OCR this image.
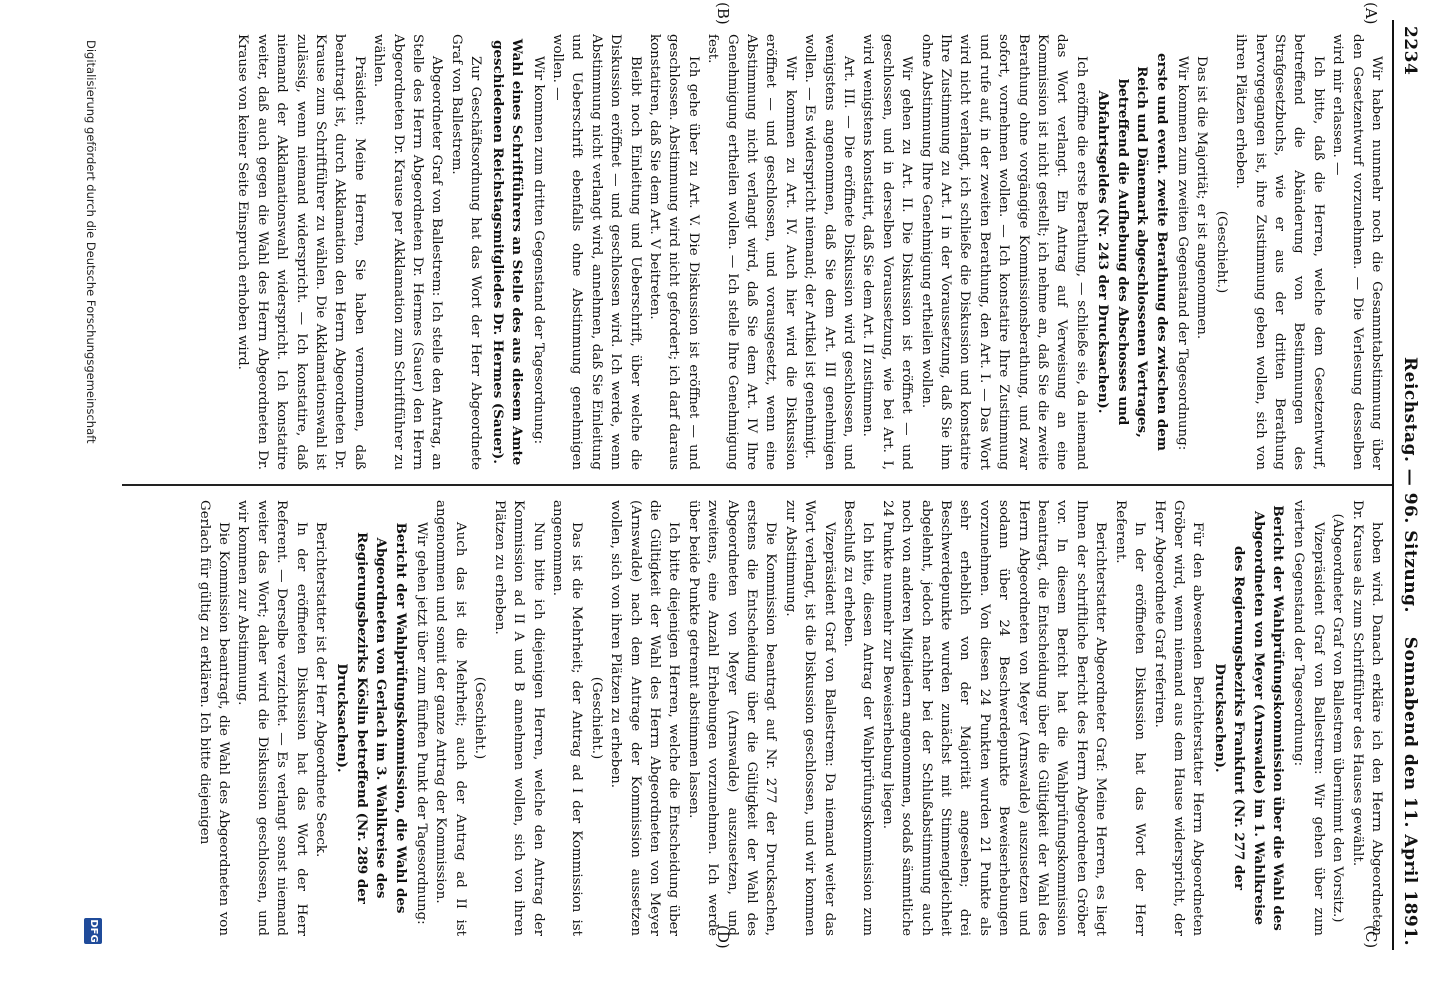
2234
Reichstag. — 96. Sitzung.
Sonnabend den 11. April 1891.
(A)
(B)
(C)
(D)

Wir haben nunmehr noch die Gesammtabstimmung über den Gesetzentwurf vorzunehmen. — Die Verlesung desselben wird mir erlassen. —

Ich bitte, daß die Herren, welche dem Gesetzentwurf, betreffend die Abänderung von Bestimmungen des Strafgesetzbuchs, wie er aus der dritten Berathung hervorgegangen ist, ihre Zustimmung geben wollen, sich von ihren Plätzen erheben.

(Geschieht.)

Das ist die Majorität; er ist angenommen.

Wir kommen zum zweiten Gegenstand der Tagesordnung:

erste und event. zweite Berathung des zwischen dem Reich und Dänemark abgeschlossenen Vertrages, betreffend die Aufhebung des Abschosses und Abfahrtsgeldes (Nr. 243 der Drucksachen).

Ich eröffne die erste Berathung, — schließe sie, da niemand das Wort verlangt. Ein Antrag auf Verweisung an eine Kommission ist nicht gestellt; ich nehme an, daß Sie die zweite Berathung ohne vorgängige Kommissionsberathung, und zwar sofort, vornehmen wollen. — Ich konstatire Ihre Zustimmung und rufe auf, in der zweiten Berathung, den Art. I. — Das Wort wird nicht verlangt, ich schließe die Diskussion und konstatire Ihre Zustimmung zu Art. I in der Voraussetzung, daß Sie ihm ohne Abstimmung Ihre Genehmigung ertheilen wollen.

Wir gehen zu Art. II. Die Diskussion ist eröffnet — und geschlossen, und in derselben Voraussetzung, wie bei Art. I, wird wenigstens konstatirt, daß Sie dem Art. II zustimmen.

Art. III. — Die eröffnete Diskussion wird geschlossen, und wenigstens angenommen, daß Sie dem Art. III genehmigen wollen. — Es widerspricht niemand; der Artikel ist genehmigt.

Wir kommen zu Art. IV. Auch hier wird die Diskussion eröffnet — und geschlossen, und vorausgesetzt, wenn eine Abstimmung nicht verlangt wird, daß Sie dem Art. IV Ihre Genehmigung ertheilen wollen. — Ich stelle Ihre Genehmigung fest.

Ich gehe über zu Art. V. Die Diskussion ist eröffnet — und geschlossen. Abstimmung wird nicht gefordert; ich darf daraus konstatiren, daß Sie dem Art. V beitreten.

Bleibt noch Einleitung und Ueberschrift, über welche die Diskussion eröffnet — und geschlossen wird. Ich werde, wenn Abstimmung nicht verlangt wird, annehmen, daß Sie Einleitung und Ueberschrift ebenfalls ohne Abstimmung genehmigen wollen. —

Wir kommen zum dritten Gegenstand der Tagesordnung:

Wahl eines Schriftführers an Stelle des aus diesem Amte geschiedenen Reichstagsmitgliedes Dr. Hermes (Sauer).

Zur Geschäftsordnung hat das Wort der Herr Abgeordnete Graf von Ballestrem.

Abgeordneter Graf von Ballestrem: Ich stelle den Antrag, an Stelle des Herrn Abgeordneten Dr. Hermes (Sauer) den Herrn Abgeordneten Dr. Krause per Akklamation zum Schriftführer zu wählen.

Präsident: Meine Herren, Sie haben vernommen, daß beantragt ist, durch Akklamation den Herrn Abgeordneten Dr. Krause zum Schriftführer zu wählen. Die Akklamationswahl ist zulässig, wenn niemand widerspricht. — Ich konstatire, daß niemand der Akklamationswahl widerspricht. Ich konstatire weiter, daß auch gegen die Wahl des Herrn Abgeordneten Dr. Krause von keiner Seite Einspruch erhoben wird.

hoben wird. Danach erkläre ich den Herrn Abgeordneten Dr. Krause als zum Schriftführer des Hauses gewählt.

(Abgeordneter Graf von Ballestrem übernimmt den Vorsitz.)

Vizepräsident Graf von Ballestrem: Wir gehen über zum vierten Gegenstand der Tagesordnung:

Bericht der Wahlprüfungskommission über die Wahl des Abgeordneten von Meyer (Arnswalde) im 1. Wahlkreise des Regierungsbezirks Frankfurt (Nr. 277 der Drucksachen).

Für den abwesenden Berichterstatter Herrn Abgeordneten Gröber wird, wenn niemand aus dem Hause widerspricht, der Herr Abgeordnete Graf referiren.

In der eröffneten Diskussion hat das Wort der Herr Referent.

Berichterstatter Abgeordneter Graf: Meine Herren, es liegt Ihnen der schriftliche Bericht des Herrn Abgeordneten Gröber vor. In diesem Bericht hat die Wahlprüfungskommission beantragt, die Entscheidung über die Gültigkeit der Wahl des Herrn Abgeordneten von Meyer (Arnswalde) auszusetzen und sodann über 24 Beschwerdepunkte Beweiserhebungen vorzunehmen. Von diesen 24 Punkten wurden 21 Punkte als sehr erheblich von der Majorität angesehen; drei Beschwerdepunkte wurden zunächst mit Stimmengleichheit abgelehnt, jedoch nachher bei der Schlußabstimmung auch noch von anderen Mitgliedern angenommen, sodaß sämmtliche 24 Punkte nunmehr zur Beweiserhebung liegen.

Ich bitte, diesen Antrag der Wahlprüfungskommission zum Beschluß zu erheben.

Vizepräsident Graf von Ballestrem: Da niemand weiter das Wort verlangt, ist die Diskussion geschlossen, und wir kommen zur Abstimmung.

Die Kommission beantragt auf Nr. 277 der Drucksachen, erstens die Entscheidung über die Gültigkeit der Wahl des Abgeordneten von Meyer (Arnswalde) auszusetzen, und zweitens, eine Anzahl Erhebungen vorzunehmen. Ich werde über beide Punkte getrennt abstimmen lassen.

Ich bitte diejenigen Herren, welche die Entscheidung über die Gültigkeit der Wahl des Herrn Abgeordneten von Meyer (Arnswalde) nach dem Antrage der Kommission aussetzen wollen, sich von ihren Plätzen zu erheben.

(Geschieht.)

Das ist die Mehrheit; der Antrag ad I der Kommission ist angenommen.

Nun bitte ich diejenigen Herren, welche den Antrag der Kommission ad II A und B annehmen wollen, sich von ihren Plätzen zu erheben.

(Geschieht.)

Auch das ist die Mehrheit; auch der Antrag ad II ist angenommen und somit der ganze Antrag der Kommission.

Wir gehen jetzt über zum fünften Punkt der Tagesordnung:

Bericht der Wahlprüfungskommission, die Wahl des Abgeordneten von Gerlach im 3. Wahlkreise des Regierungsbezirks Köslin betreffend (Nr. 289 der Drucksachen).

Berichterstatter ist der Herr Abgeordnete Seeck.

In der eröffneten Diskussion hat das Wort der Herr Referent. — Derselbe verzichtet. — Es verlangt sonst niemand weiter das Wort; daher wird die Diskussion geschlossen, und wir kommen zur Abstimmung.

Die Kommission beantragt, die Wahl des Abgeordneten von Gerlach für gültig zu erklären. Ich bitte diejenigen

Digitalisierung gefördert durch die Deutsche Forschungsgemeinschaft
DFG
